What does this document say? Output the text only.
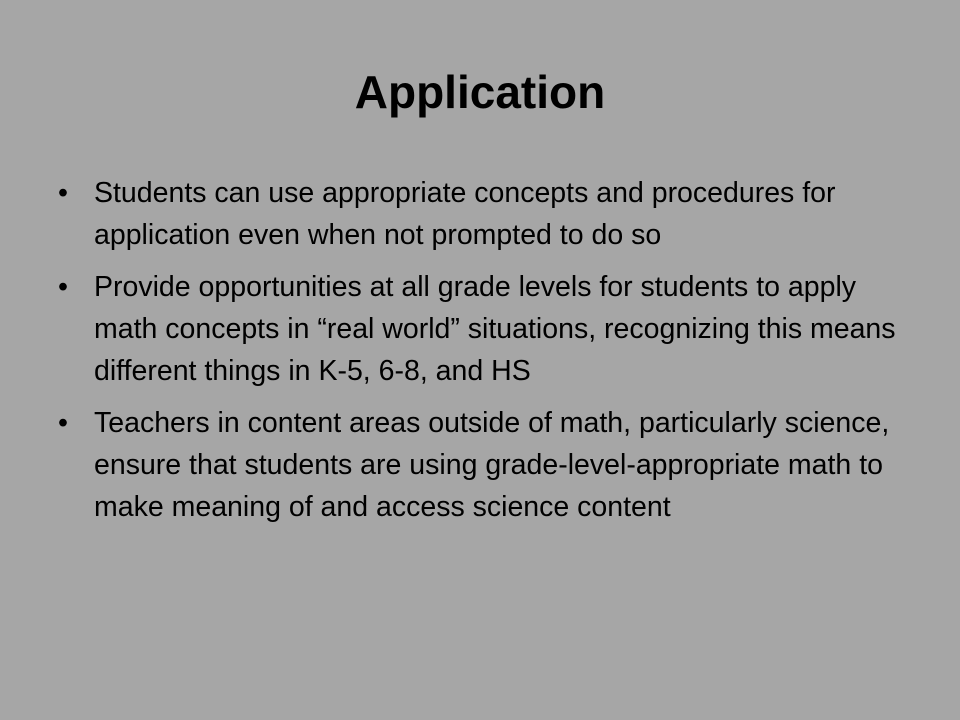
Application
• Students can use appropriate concepts and procedures for application even when not prompted to do so
• Provide opportunities at all grade levels for students to apply math concepts in “real world” situations, recognizing this means different things in K-5, 6-8, and HS
• Teachers in content areas outside of math, particularly science, ensure that students are using grade-level-appropriate math to make meaning of and access science content
